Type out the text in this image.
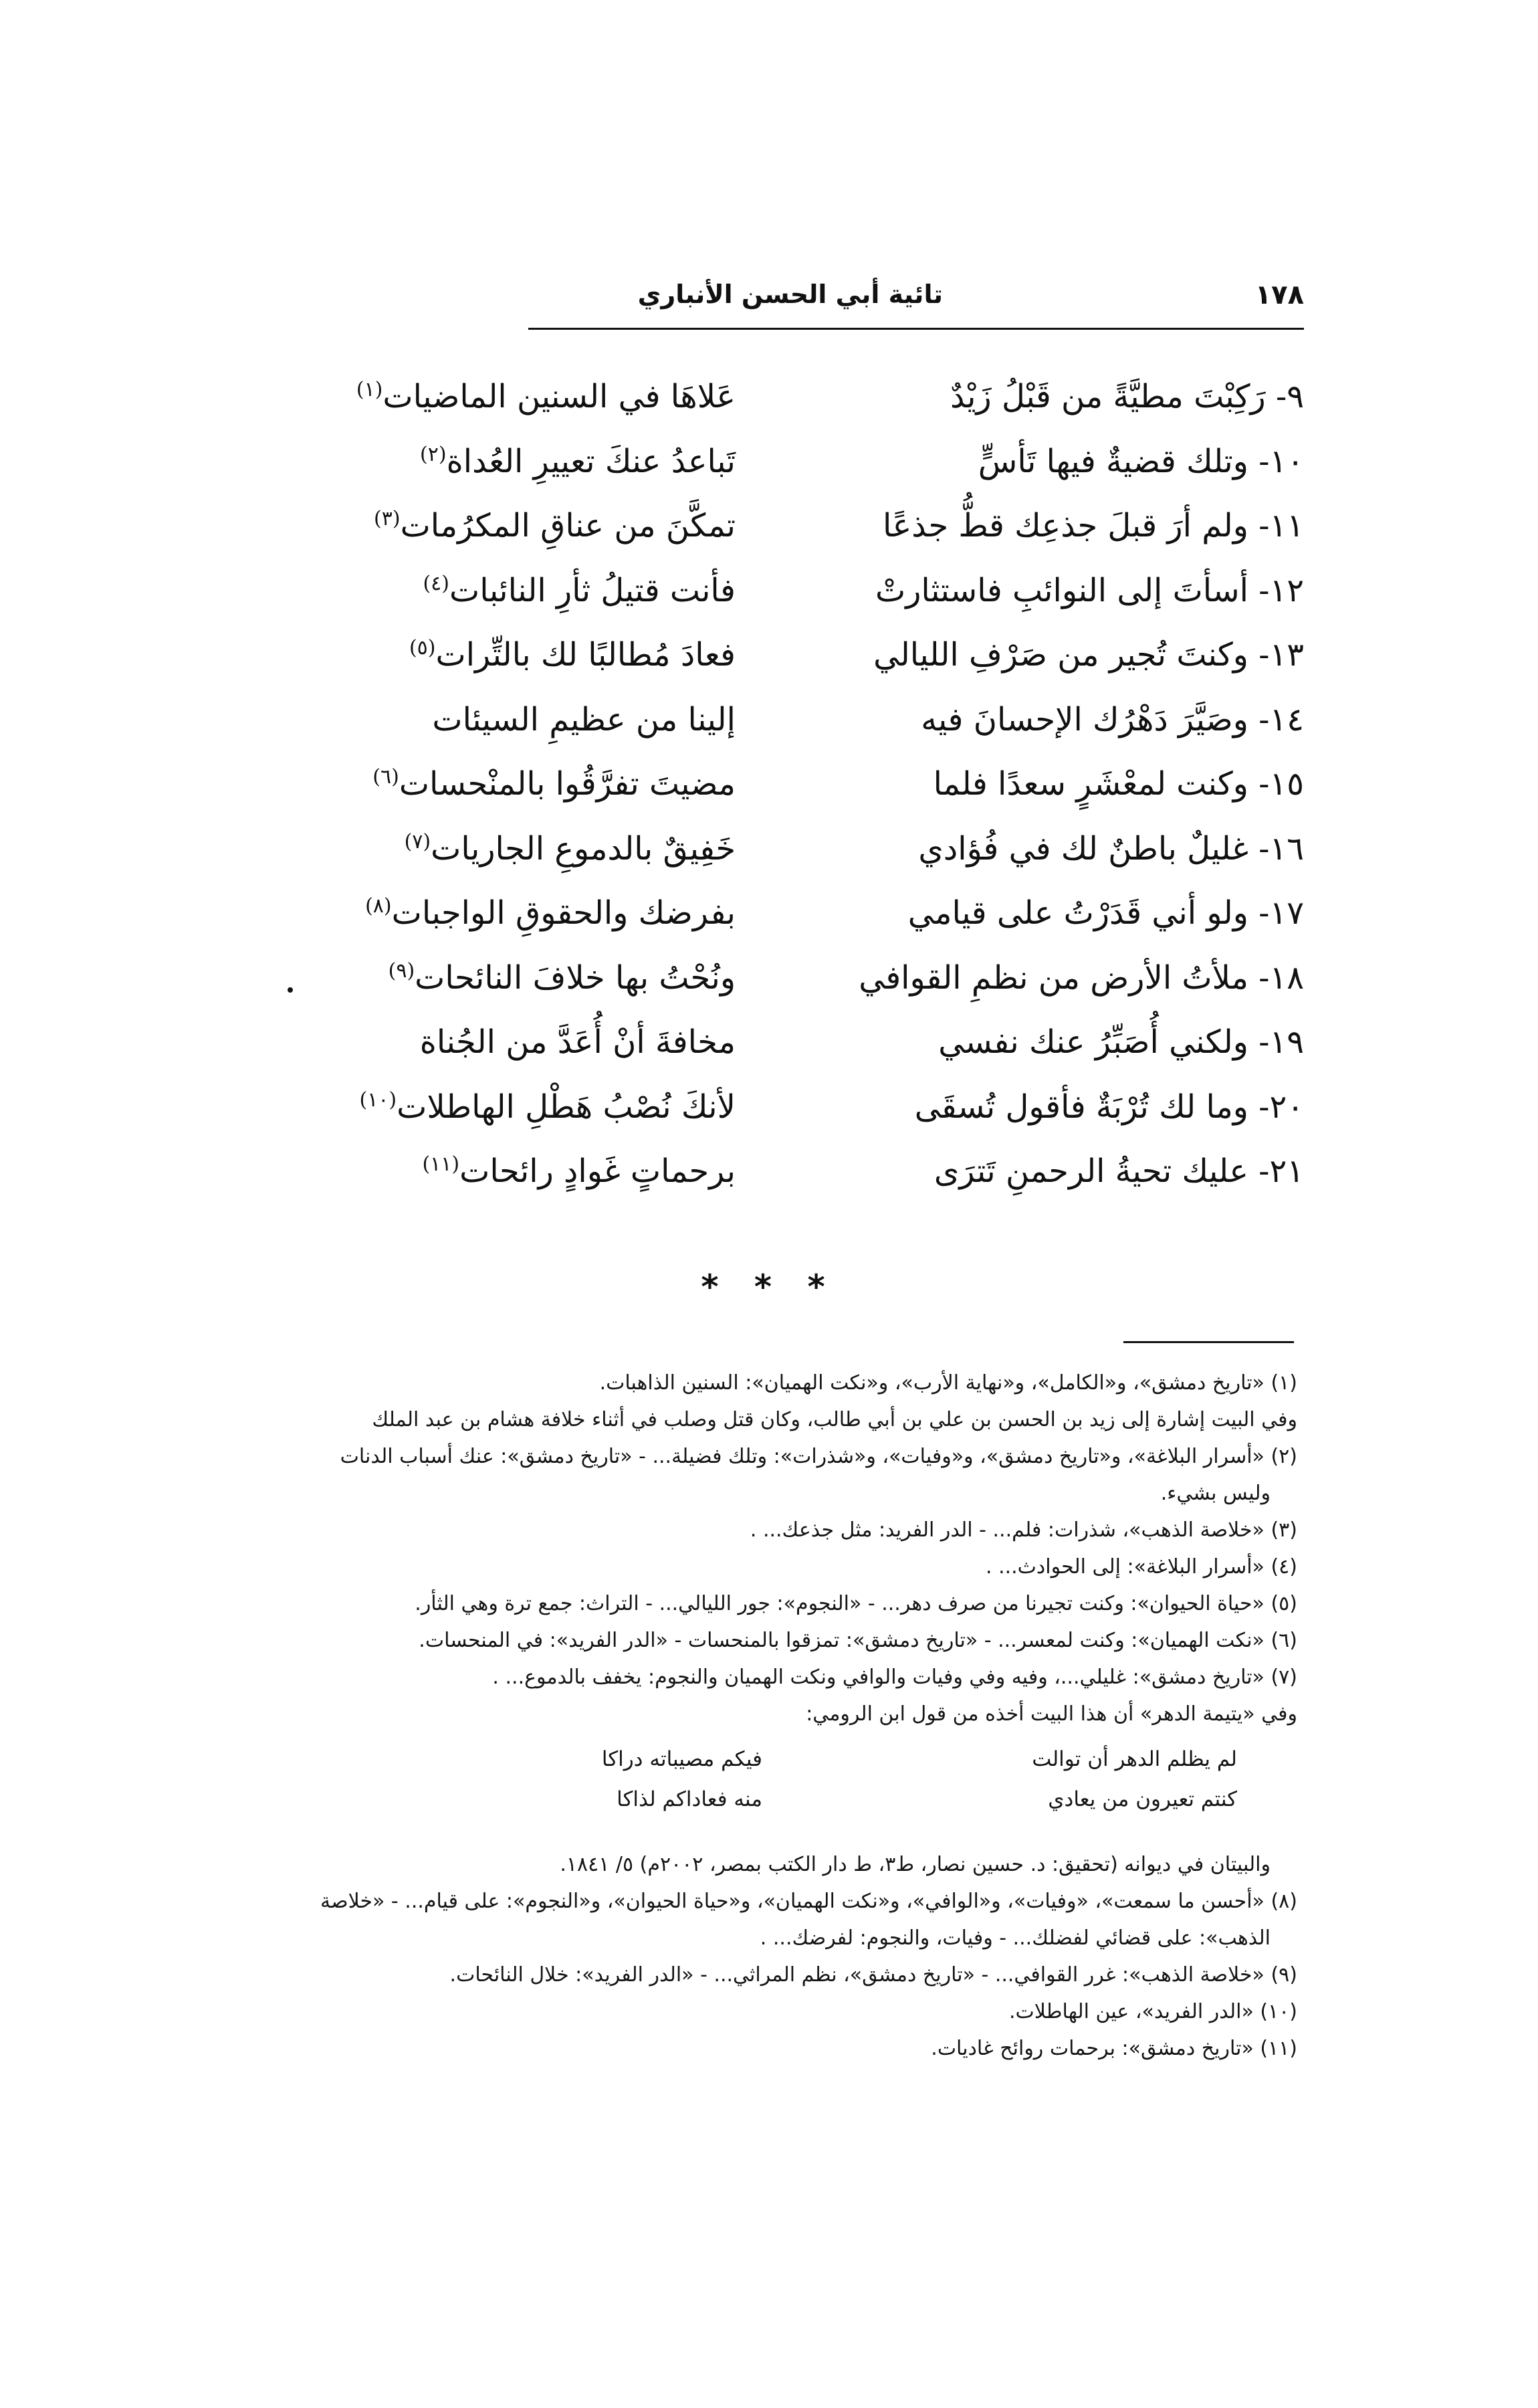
١٧٨
تائية أبي الحسن الأنباري
٩- رَكِبْتَ مطيَّةً من قَبْلُ زَيْدٌ
عَلاهَا في السنين الماضيات$^{(١)}$
١٠- وتلك قضيةٌ فيها تَأسٍّ
تَباعدُ عنكَ تعييرِ العُداة$^{(٢)}$
١١- ولم أرَ قبلَ جذعِك قطُّ جذعًا
تمكَّنَ من عناقِ المكرُمات$^{(٣)}$
١٢- أسأتَ إلى النوائبِ فاستثارتْ
فأنت قتيلُ ثأرِ النائبات$^{(٤)}$
١٣- وكنتَ تُجير من صَرْفِ الليالي
فعادَ مُطالبًا لك بالتِّرات$^{(٥)}$
١٤- وصَيَّرَ دَهْرُك الإحسانَ فيه
إلينا من عظيمِ السيئات
١٥- وكنت لمعْشَرٍ سعدًا فلما
مضيتَ تفرَّقُوا بالمنْحسات$^{(٦)}$
١٦- غليلٌ باطنٌ لك في فُؤادي
خَفِيقٌ بالدموعِ الجاريات$^{(٧)}$
١٧- ولو أني قَدَرْتُ على قيامي
بفرضك والحقوقِ الواجبات$^{(٨)}$
١٨- ملأتُ الأرض من نظمِ القوافي
ونُحْتُ بها خلافَ النائحات$^{(٩)}$
١٩- ولكني أُصَبِّرُ عنك نفسي
مخافةَ أنْ أُعَدَّ من الجُناة
٢٠- وما لك تُرْبَةٌ فأقول تُسقَى
لأنكَ نُصْبُ هَطْلِ الهاطلات$^{(١٠)}$
٢١- عليك تحيةُ الرحمنِ تَترَى
برحماتٍ غَوادٍ رائحات$^{(١١)}$
* * *
(١) «تاريخ دمشق»، و«الكامل»، و«نهاية الأرب»، و«نكت الهميان»: السنين الذاهبات.
وفي البيت إشارة إلى زيد بن الحسن بن علي بن أبي طالب، وكان قتل وصلب في أثناء خلافة هشام بن عبد الملك
(٢) «أسرار البلاغة»، و«تاريخ دمشق»، و«وفيات»، و«شذرات»: وتلك فضيلة... - «تاريخ دمشق»: عنك أسباب الدنات
وليس بشيء.
(٣) «خلاصة الذهب»، شذرات: فلم... - الدر الفريد: مثل جذعك... .
(٤) «أسرار البلاغة»: إلى الحوادث... .
(٥) «حياة الحيوان»: وكنت تجيرنا من صرف دهر... - «النجوم»: جور الليالي... - التراث: جمع ترة وهي الثأر.
(٦) «نكت الهميان»: وكنت لمعسر... - «تاريخ دمشق»: تمزقوا بالمنحسات - «الدر الفريد»: في المنحسات.
(٧) «تاريخ دمشق»: غليلي...، وفيه وفي وفيات والوافي ونكت الهميان والنجوم: يخفف بالدموع... .
وفي «يتيمة الدهر» أن هذا البيت أخذه من قول ابن الرومي:
لم يظلم الدهر أن توالت
فيكم مصيباته دراكا
كنتم تعيرون من يعادي
منه فعاداكم لذاكا
والبيتان في ديوانه (تحقيق: د. حسين نصار، ط٣، ط دار الكتب بمصر، ٢٠٠٢م) ٥/ ١٨٤١.
(٨) «أحسن ما سمعت»، «وفيات»، و«الوافي»، و«نكت الهميان»، و«حياة الحيوان»، و«النجوم»: على قيام... - «خلاصة
الذهب»: على قضائي لفضلك... - وفيات، والنجوم: لفرضك... .
(٩) «خلاصة الذهب»: غرر القوافي... - «تاريخ دمشق»، نظم المراثي... - «الدر الفريد»: خلال النائحات.
(١٠) «الدر الفريد»، عين الهاطلات.
(١١) «تاريخ دمشق»: برحمات روائح غاديات.
